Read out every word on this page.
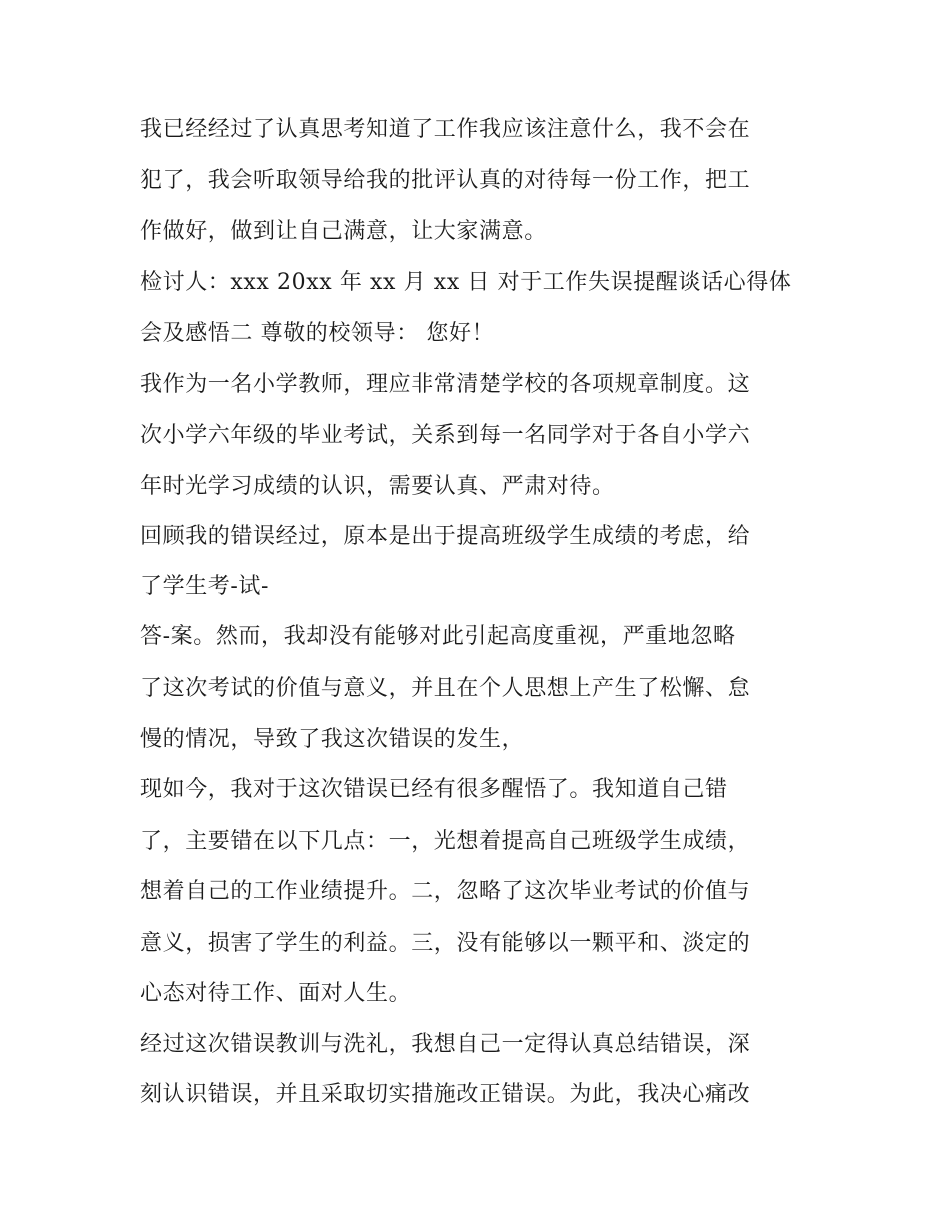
我已经经过了认真思考知道了工作我应该注意什么，我不会在

犯了，我会听取领导给我的批评认真的对待每一份工作，把工

作做好，做到让自己满意，让大家满意。

检讨人：xxx 20xx 年 xx 月 xx 日 对于工作失误提醒谈话心得体

会及感悟二 尊敬的校领导： 您好！

我作为一名小学教师，理应非常清楚学校的各项规章制度。这

次小学六年级的毕业考试，关系到每一名同学对于各自小学六

年时光学习成绩的认识，需要认真、严肃对待。

回顾我的错误经过，原本是出于提高班级学生成绩的考虑，给

了学生考-试-

答-案。然而，我却没有能够对此引起高度重视，严重地忽略

了这次考试的价值与意义，并且在个人思想上产生了松懈、怠

慢的情况，导致了我这次错误的发生，

现如今，我对于这次错误已经有很多醒悟了。我知道自己错

了，主要错在以下几点：一，光想着提高自己班级学生成绩，

想着自己的工作业绩提升。二，忽略了这次毕业考试的价值与

意义，损害了学生的利益。三，没有能够以一颗平和、淡定的

心态对待工作、面对人生。

经过这次错误教训与洗礼，我想自己一定得认真总结错误，深

刻认识错误，并且采取切实措施改正错误。为此，我决心痛改
